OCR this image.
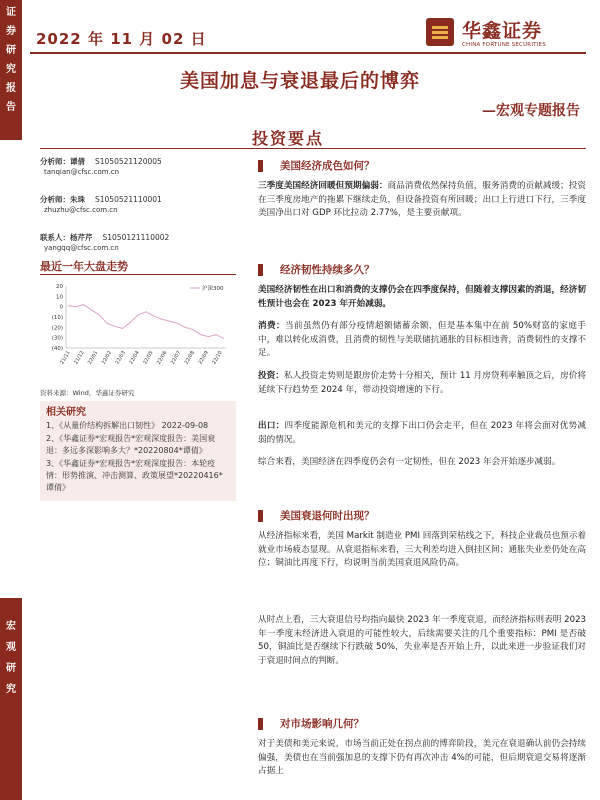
证
券
研
究
报
告
宏
观
研
究
2022 年 11 月 02 日	华鑫证券
CHINA FORTUNE SECURITIES
美国加息与衰退最后的博弈
—宏观专题报告
投资要点
分析师：谭倩 S1050521120005
tanqian@cfsc.com.cn
分析师：朱珠 S1050521110001
zhuzhu@cfsc.com.cn
联系人：杨芹芹 S1050121110002
yangqq@cfsc.com.cn
最近一年大盘走势
20
10
0
(10)
(20)
(30)
(40)
21/11 21/12 22/01 22/02 22/03 22/04 22/05 22/06 22/07 22/08 22/09 22/10
沪深300
资料来源：Wind，华鑫证券研究
相关研究
1、《从量价结构拆解出口韧性》 2022-09-08
2、《华鑫证券*宏观报告*宏观深度报告：美国衰退：多远多深影响多大？*20220804*谭倩》
3、《华鑫证券*宏观报告*宏观深度报告：本轮疫情：形势推演、冲击测算、政策展望*20220416*谭倩》
美国经济成色如何？
三季度美国经济回暖但预期偏弱：商品消费依然保持负值，服务消费的贡献减缓；投资在三季度房地产的拖累下继续走负，但设备投资有所回暖；出口上行进口下行，三季度美国净出口对 GDP 环比拉动 2.77%，是主要贡献项。
经济韧性持续多久？
美国经济韧性在出口和消费的支撑仍会在四季度保持，但随着支撑因素的消退，经济韧性预计也会在 2023 年开始减弱。
消费：当前虽然仍有部分疫情超额储蓄余额，但是基本集中在前 50%财富的家庭手中，难以转化成消费，且消费的韧性与美联储抗通胀的目标相违背，消费韧性的支撑不足。
投资：私人投资走势则是跟房价走势十分相关，预计 11 月房贷利率触顶之后，房价将延续下行趋势至 2024 年，带动投资增速的下行。
出口：四季度能源危机和美元的支撑下出口仍会走平，但在 2023 年将会面对优势减弱的情况。
综合来看，美国经济在四季度仍会有一定韧性，但在 2023 年会开始逐步减弱。
美国衰退何时出现？
从经济指标来看，美国 Markit 制造业 PMI 回落到荣枯线之下，科技企业裁员也预示着就业市场疲态显现。从衰退指标来看，三大利差均进入倒挂区间；通胀失业差仍处在高位；铜油比再度下行，均说明当前美国衰退风险仍高。
从时点上看，三大衰退信号均指向最快 2023 年一季度衰退，而经济指标则表明 2023 年一季度末经济进入衰退的可能性较大，后续需要关注的几个重要指标：PMI 是否破 50，铜油比是否继续下行跌破 50%，失业率是否开始上升，以此来进一步验证我们对于衰退时间点的判断。
对市场影响几何？
对于美债和美元来说，市场当前正处在拐点前的博弈阶段，美元在衰退确认前仍会持续偏强，美债也在当前强加息的支撑下仍有再次冲击 4%的可能，但后期衰退交易将逐渐占据上
